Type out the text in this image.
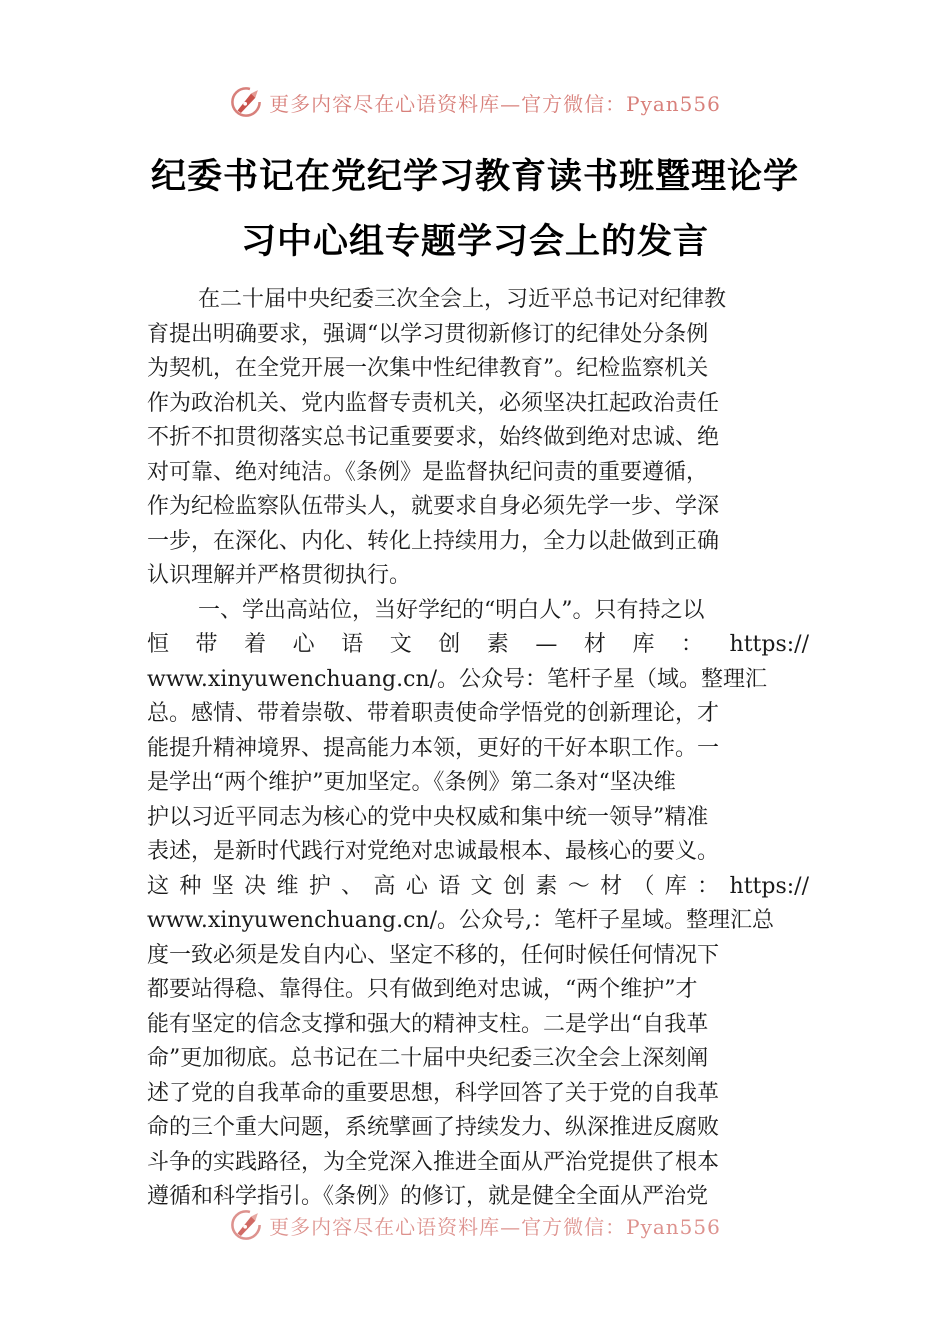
更多内容尽在心语资料库—官方微信：Pyan556
纪委书记在党纪学习教育读书班暨理论学
习中心组专题学习会上的发言
在二十届中央纪委三次全会上，习近平总书记对纪律教
育提出明确要求，强调“以学习贯彻新修订的纪律处分条例
为契机，在全党开展一次集中性纪律教育”。纪检监察机关
作为政治机关、党内监督专责机关，必须坚决扛起政治责任
不折不扣贯彻落实总书记重要要求，始终做到绝对忠诚、绝
对可靠、绝对纯洁。《条例》是监督执纪问责的重要遵循，
作为纪检监察队伍带头人，就要求自身必须先学一步、学深
一步，在深化、内化、转化上持续用力，全力以赴做到正确
认识理解并严格贯彻执行。
一、学出高站位，当好学纪的“明白人”。只有持之以
恒带着心语文创素—材库：https://
www.xinyuwenchuang.cn/。公众号：笔杆子星（域。整理汇
总。感情、带着崇敬、带着职责使命学悟党的创新理论，才
能提升精神境界、提高能力本领，更好的干好本职工作。一
是学出“两个维护”更加坚定。《条例》第二条对“坚决维
护以习近平同志为核心的党中央权威和集中统一领导”精准
表述，是新时代践行对党绝对忠诚最根本、最核心的要义。
这种坚决维护、高心语文创素～材（库：https://
www.xinyuwenchuang.cn/。公众号,：笔杆子星域。整理汇总
度一致必须是发自内心、坚定不移的，任何时候任何情况下
都要站得稳、靠得住。只有做到绝对忠诚，“两个维护”才
能有坚定的信念支撑和强大的精神支柱。二是学出“自我革
命”更加彻底。总书记在二十届中央纪委三次全会上深刻阐
述了党的自我革命的重要思想，科学回答了关于党的自我革
命的三个重大问题，系统擘画了持续发力、纵深推进反腐败
斗争的实践路径，为全党深入推进全面从严治党提供了根本
遵循和科学指引。《条例》的修订，就是健全全面从严治党
更多内容尽在心语资料库—官方微信：Pyan556
